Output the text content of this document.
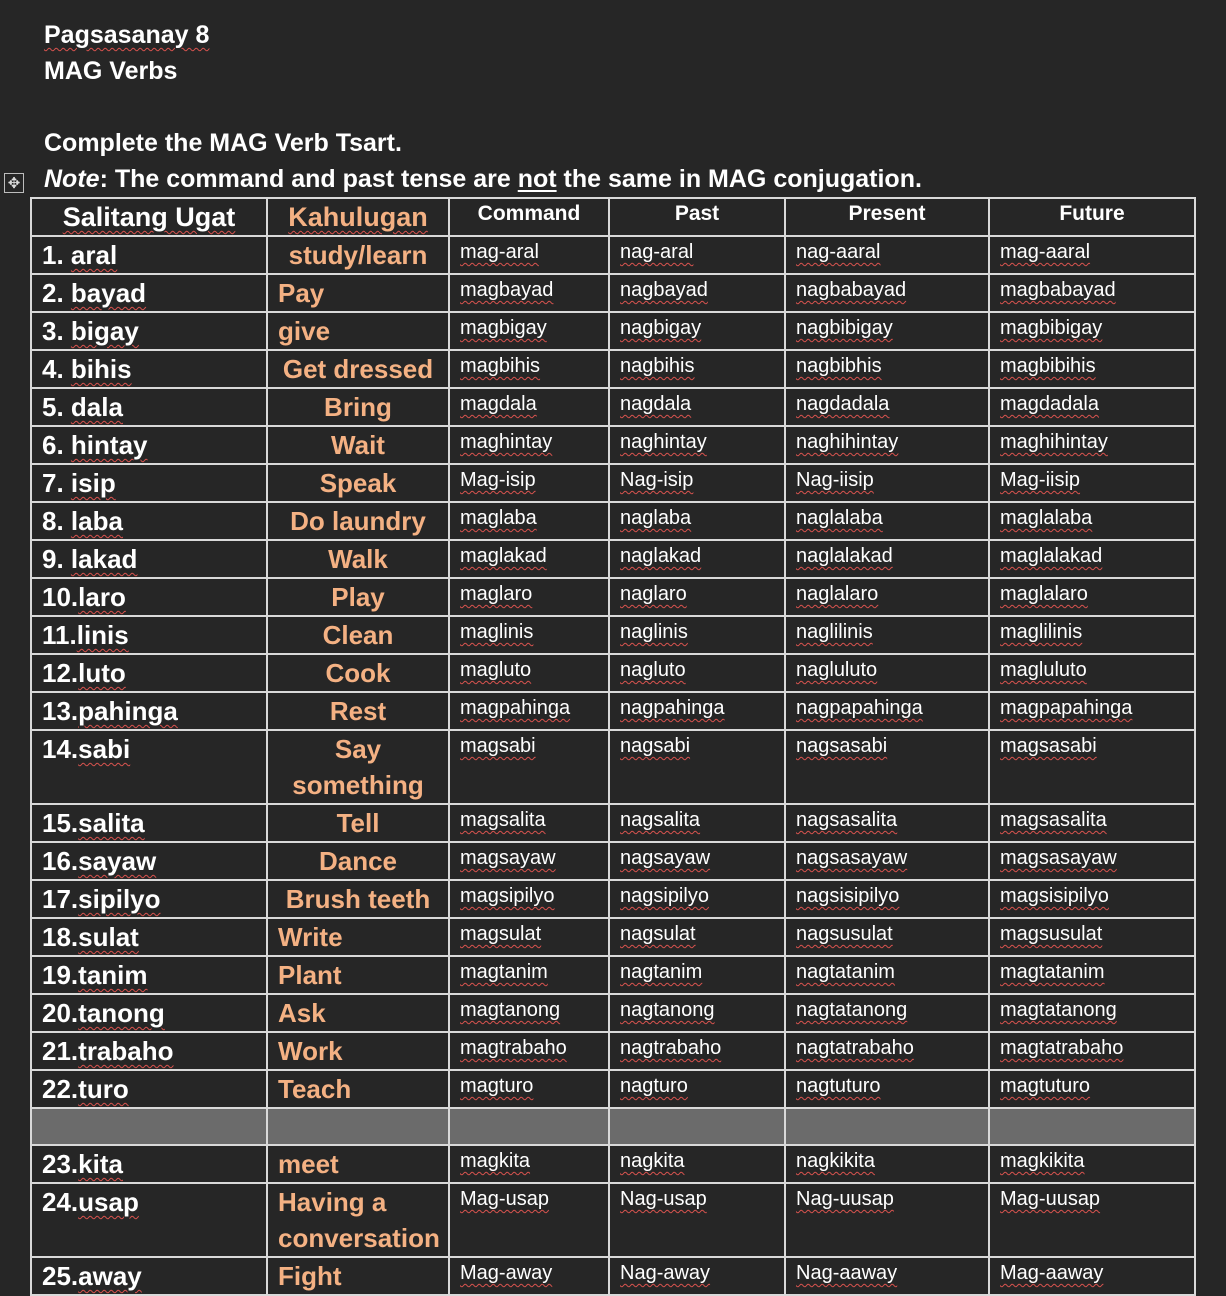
Pagsasanay 8
MAG Verbs
Complete the MAG Verb Tsart.
Note: The command and past tense are not the same in MAG conjugation.
✥
Salitang Ugat	Kahulugan	Command	Past	Present	Future
1. aral	study/learn	mag-aral	nag-aral	nag-aaral	mag-aaral
2. bayad	Pay	magbayad	nagbayad	nagbabayad	magbabayad
3. bigay	give	magbigay	nagbigay	nagbibigay	magbibigay
4. bihis	Get dressed	magbihis	nagbihis	nagbibhis	magbibihis
5. dala	Bring	magdala	nagdala	nagdadala	magdadala
6. hintay	Wait	maghintay	naghintay	naghihintay	maghihintay
7. isip	Speak	Mag-isip	Nag-isip	Nag-iisip	Mag-iisip
8. laba	Do laundry	maglaba	naglaba	naglalaba	maglalaba
9. lakad	Walk	maglakad	naglakad	naglalakad	maglalakad
10.laro	Play	maglaro	naglaro	naglalaro	maglalaro
11.linis	Clean	maglinis	naglinis	naglilinis	maglilinis
12.luto	Cook	magluto	nagluto	nagluluto	magluluto
13.pahinga	Rest	magpahinga	nagpahinga	nagpapahinga	magpapahinga
14.sabi	Say something	magsabi	nagsabi	nagsasabi	magsasabi
15.salita	Tell	magsalita	nagsalita	nagsasalita	magsasalita
16.sayaw	Dance	magsayaw	nagsayaw	nagsasayaw	magsasayaw
17.sipilyo	Brush teeth	magsipilyo	nagsipilyo	nagsisipilyo	magsisipilyo
18.sulat	Write	magsulat	nagsulat	nagsusulat	magsusulat
19.tanim	Plant	magtanim	nagtanim	nagtatanim	magtatanim
20.tanong	Ask	magtanong	nagtanong	nagtatanong	magtatanong
21.trabaho	Work	magtrabaho	nagtrabaho	nagtatrabaho	magtatrabaho
22.turo	Teach	magturo	nagturo	nagtuturo	magtuturo

23.kita	meet	magkita	nagkita	nagkikita	magkikita
24.usap	Having a conversation	Mag-usap	Nag-usap	Nag-uusap	Mag-uusap
25.away	Fight	Mag-away	Nag-away	Nag-aaway	Mag-aaway
